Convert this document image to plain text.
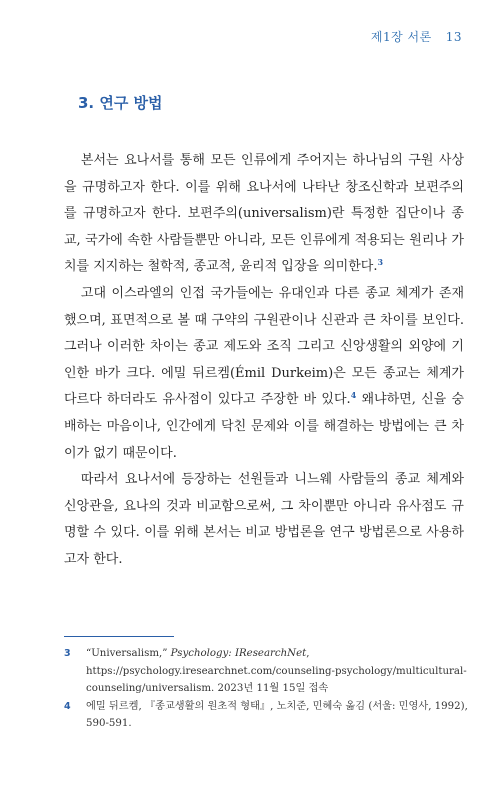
제1장 서론 13
3. 연구 방법

본서는 요나서를 통해 모든 인류에게 주어지는 하나님의 구원 사상을 규명하고자 한다. 이를 위해 요나서에 나타난 창조신학과 보편주의를 규명하고자 한다. 보편주의(universalism)란 특정한 집단이나 종교, 국가에 속한 사람들뿐만 아니라, 모든 인류에게 적용되는 원리나 가치를 지지하는 철학적, 종교적, 윤리적 입장을 의미한다.$^3$

고대 이스라엘의 인접 국가들에는 유대인과 다른 종교 체계가 존재했으며, 표면적으로 볼 때 구약의 구원관이나 신관과 큰 차이를 보인다. 그러나 이러한 차이는 종교 제도와 조직 그리고 신앙생활의 외양에 기인한 바가 크다. 에밀 뒤르켐(Émil Durkeim)은 모든 종교는 체계가 다르다 하더라도 유사점이 있다고 주장한 바 있다.$^4$ 왜냐하면, 신을 숭배하는 마음이나, 인간에게 닥친 문제와 이를 해결하는 방법에는 큰 차이가 없기 때문이다.

따라서 요나서에 등장하는 선원들과 니느웨 사람들의 종교 체계와 신앙관을, 요나의 것과 비교함으로써, 그 차이뿐만 아니라 유사점도 규명할 수 있다. 이를 위해 본서는 비교 방법론을 연구 방법론으로 사용하고자 한다.

3	“Universalism,” Psychology: IResearchNet, https://psychology.iresearchnet.com/counseling-psychology/multicultural-counseling/universalism. 2023년 11월 15일 접속
4	에밀 뒤르켐, 『종교생활의 원초적 형태』, 노치준, 민혜숙 옮김 (서울: 민영사, 1992), 590-591.
